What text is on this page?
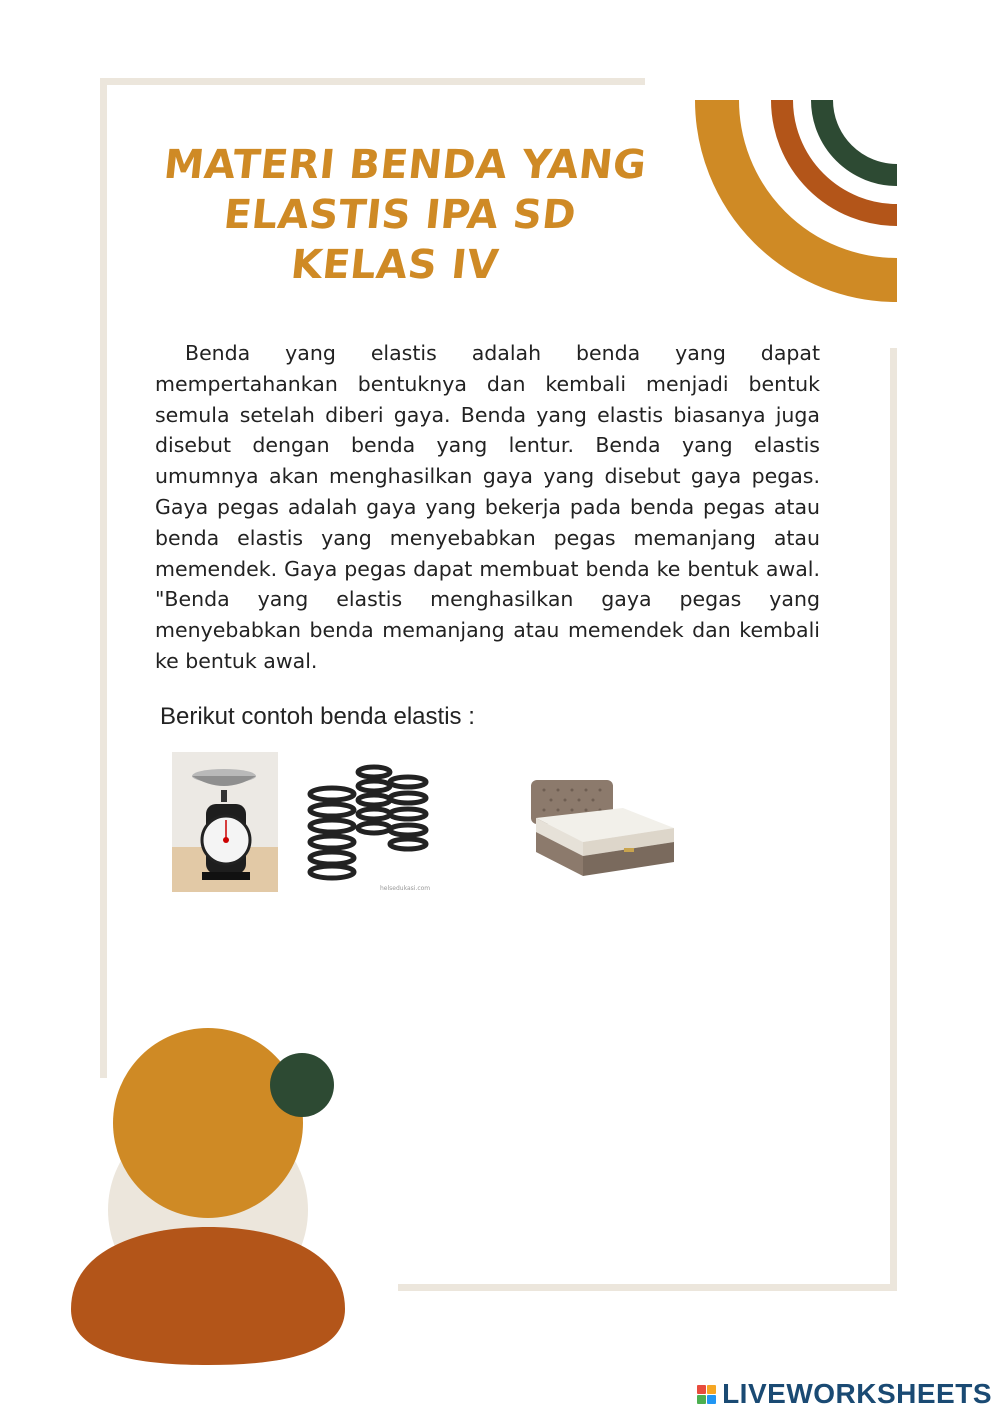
MATERI BENDA YANG
ELASTIS IPA SD KELAS IV

Benda yang elastis adalah benda yang dapat mempertahankan bentuknya dan kembali menjadi bentuk semula setelah diberi gaya. Benda yang elastis biasanya juga disebut dengan benda yang lentur. Benda yang elastis umumnya akan menghasilkan gaya yang disebut gaya pegas. Gaya pegas adalah gaya yang bekerja pada benda pegas atau benda elastis yang menyebabkan pegas memanjang atau memendek. Gaya pegas dapat membuat benda ke bentuk awal. "Benda yang elastis menghasilkan gaya pegas yang menyebabkan benda memanjang atau memendek dan kembali ke bentuk awal.

Berikut contoh benda elastis :
helsedukasi.com
LIVEWORKSHEETS
